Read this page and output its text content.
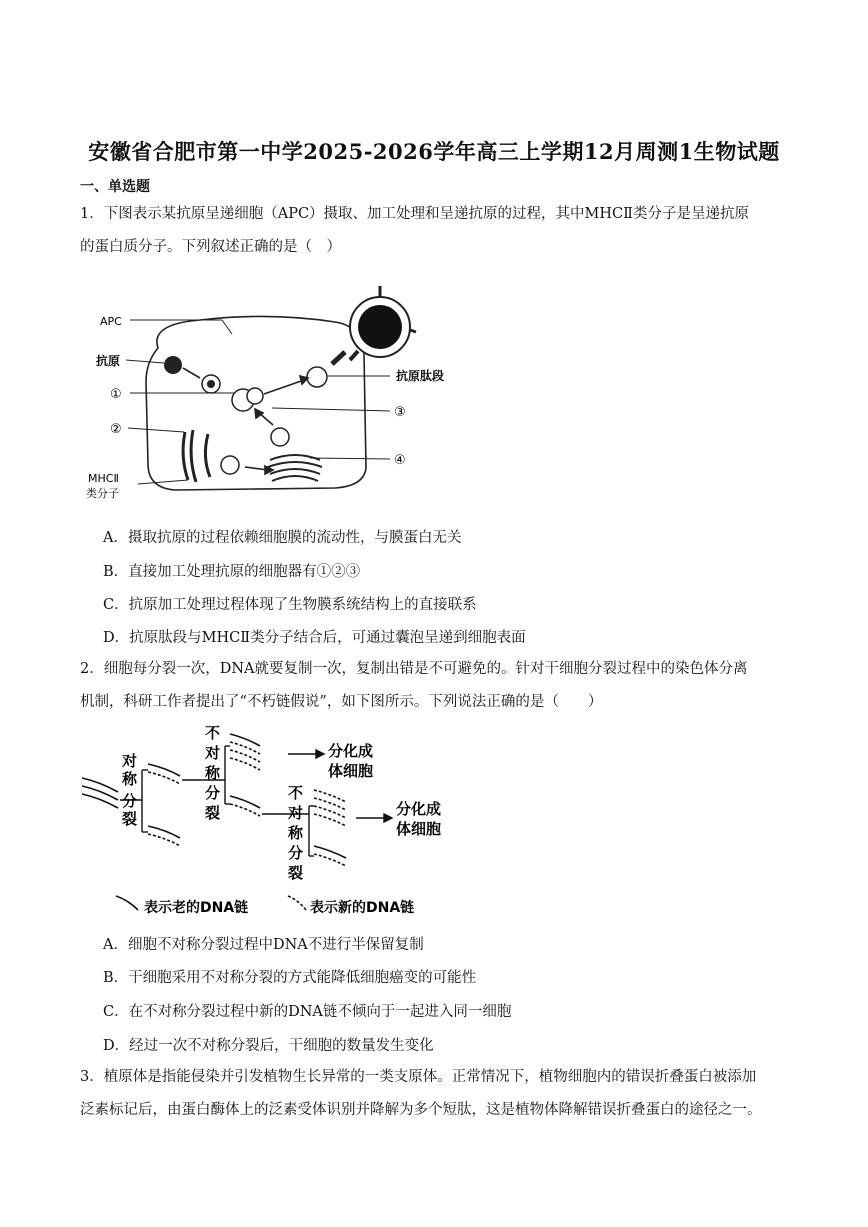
安徽省合肥市第一中学2025-2026学年高三上学期12月周测1生物试题
一、单选题

1．下图表示某抗原呈递细胞（APC）摄取、加工处理和呈递抗原的过程，其中MHCⅡ类分子是呈递抗原
的蛋白质分子。下列叙述正确的是（　）

APC
抗原
抗原肽段
①
②
③
④
MHCⅡ
类分子
A．摄取抗原的过程依赖细胞膜的流动性，与膜蛋白无关
B．直接加工处理抗原的细胞器有①②③
C．抗原加工处理过程体现了生物膜系统结构上的直接联系
D．抗原肽段与MHCⅡ类分子结合后，可通过囊泡呈递到细胞表面

2．细胞每分裂一次，DNA就要复制一次，复制出错是不可避免的。针对干细胞分裂过程中的染色体分离
机制，科研工作者提出了“不朽链假说”，如下图所示。下列说法正确的是（　　）

对
称
分
裂
不
对
称
分
裂
不
对
称
分
裂
分化成
体细胞
分化成
体细胞
表示老的DNA链	表示新的DNA链
A．细胞不对称分裂过程中DNA不进行半保留复制
B．干细胞采用不对称分裂的方式能降低细胞癌变的可能性
C．在不对称分裂过程中新的DNA链不倾向于一起进入同一细胞
D．经过一次不对称分裂后，干细胞的数量发生变化

3．植原体是指能侵染并引发植物生长异常的一类支原体。正常情况下，植物细胞内的错误折叠蛋白被添加
泛素标记后，由蛋白酶体上的泛素受体识别并降解为多个短肽，这是植物体降解错误折叠蛋白的途径之一。
